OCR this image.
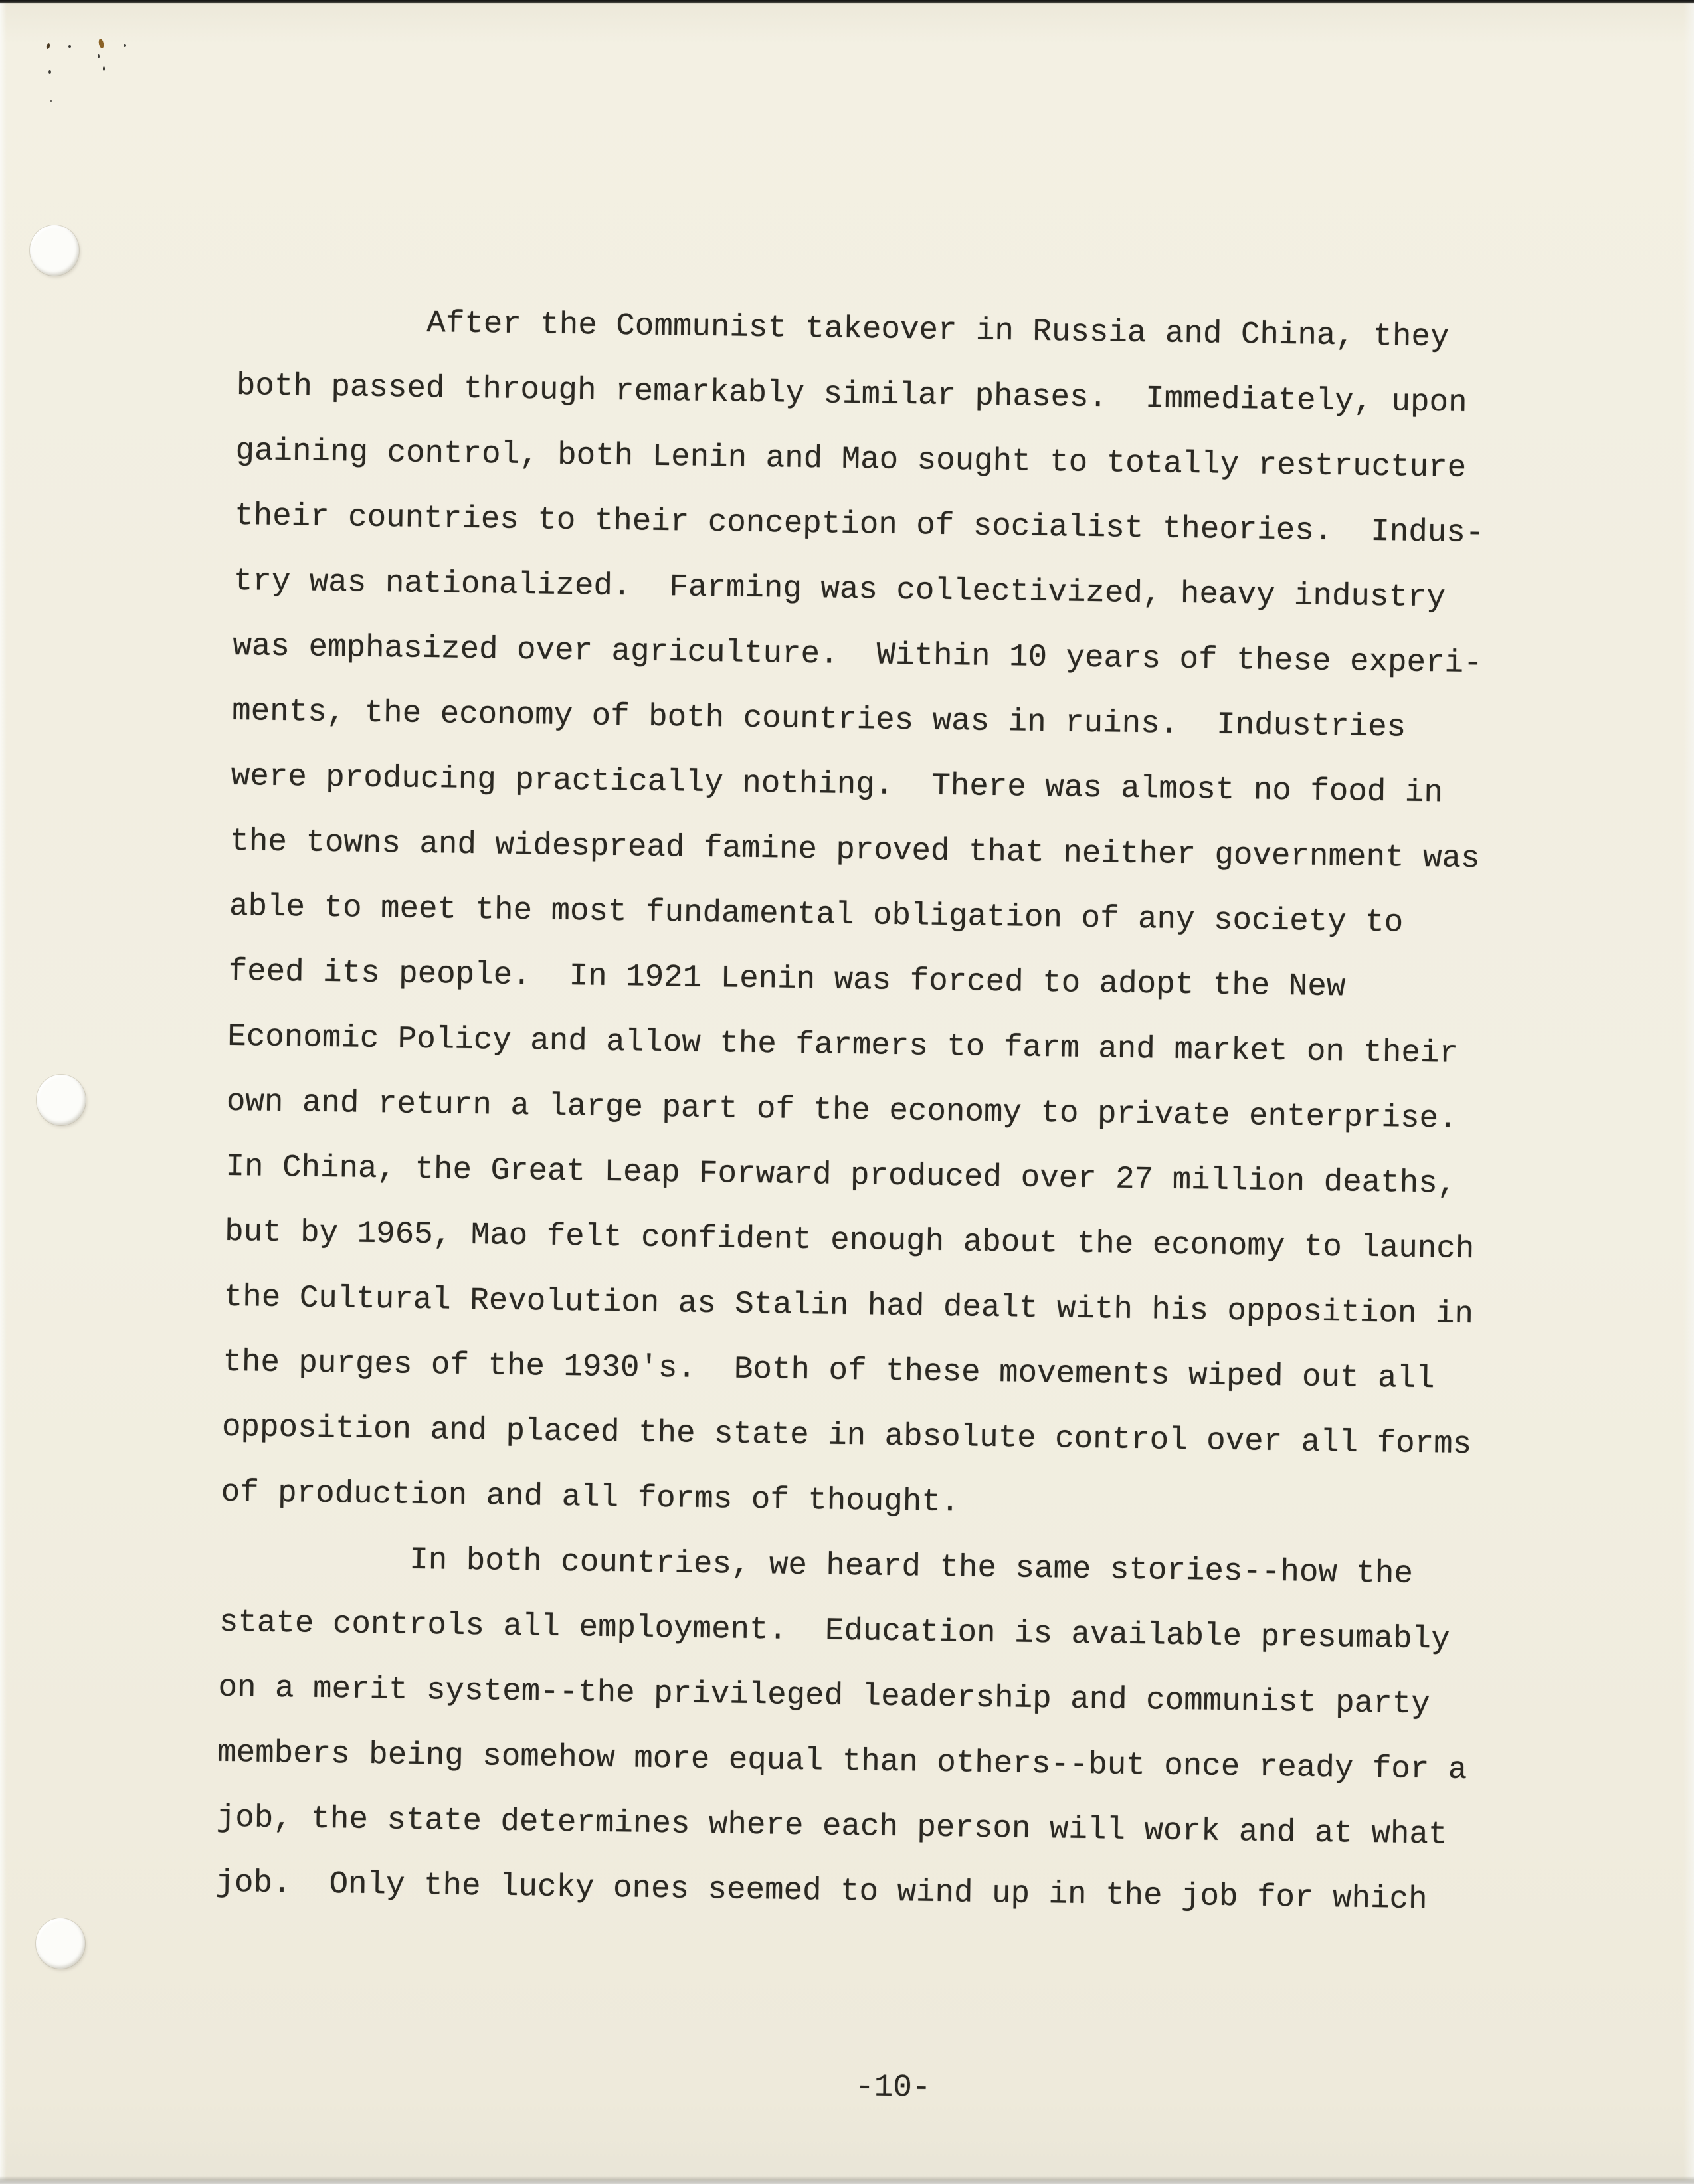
After the Communist takeover in Russia and China, they
both passed through remarkably similar phases.  Immediately, upon
gaining control, both Lenin and Mao sought to totally restructure
their countries to their conception of socialist theories.  Indus-
try was nationalized.  Farming was collectivized, heavy industry
was emphasized over agriculture.  Within 10 years of these experi-
ments, the economy of both countries was in ruins.  Industries
were producing practically nothing.  There was almost no food in
the towns and widespread famine proved that neither government was
able to meet the most fundamental obligation of any society to
feed its people.  In 1921 Lenin was forced to adopt the New
Economic Policy and allow the farmers to farm and market on their
own and return a large part of the economy to private enterprise.
In China, the Great Leap Forward produced over 27 million deaths,
but by 1965, Mao felt confident enough about the economy to launch
the Cultural Revolution as Stalin had dealt with his opposition in
the purges of the 1930's.  Both of these movements wiped out all
opposition and placed the state in absolute control over all forms
of production and all forms of thought.
In both countries, we heard the same stories--how the
state controls all employment.  Education is available presumably
on a merit system--the privileged leadership and communist party
members being somehow more equal than others--but once ready for a
job, the state determines where each person will work and at what
job.  Only the lucky ones seemed to wind up in the job for which
-10-
